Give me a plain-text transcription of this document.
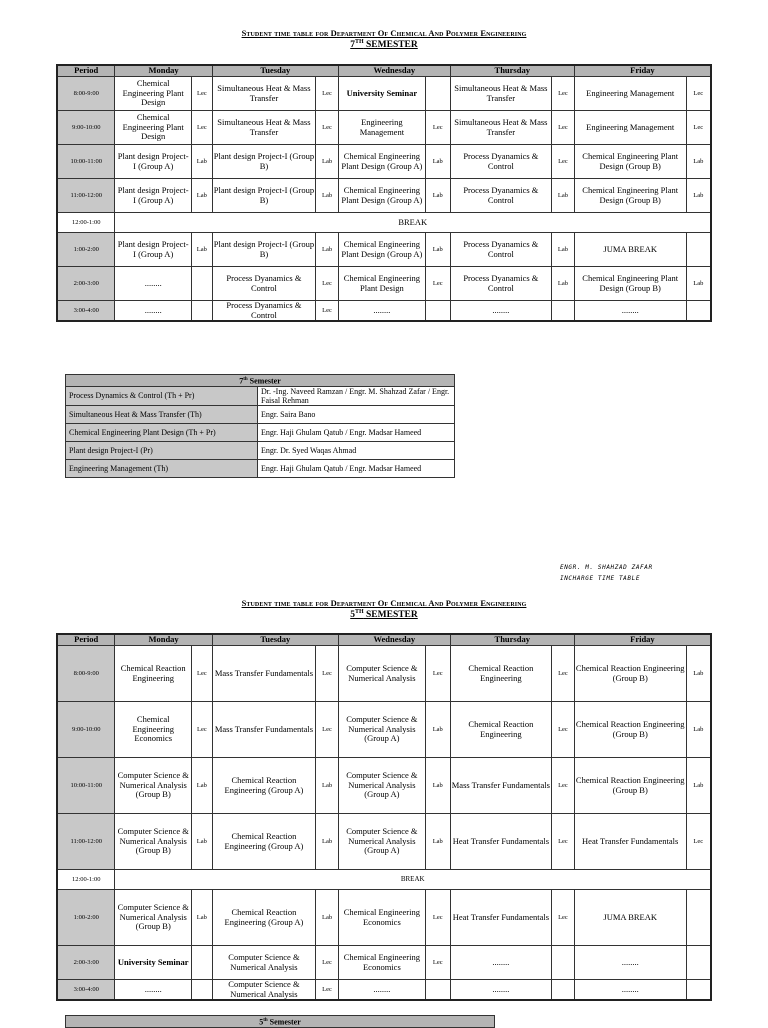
Student time table for Department Of Chemical And Polymer Engineering
7TH SEMESTER
Period	Monday		Tuesday		Wednesday		Thursday		Friday	
8:00-9:00	Chemical Engineering Plant Design	Lec	Simultaneous Heat & Mass Transfer	Lec	University Seminar		Simultaneous Heat & Mass Transfer	Lec	Engineering Management	Lec
9:00-10:00	Chemical Engineering Plant Design	Lec	Simultaneous Heat & Mass Transfer	Lec	Engineering Management	Lec	Simultaneous Heat & Mass Transfer	Lec	Engineering Management	Lec
10:00-11:00	Plant design Project-I (Group A)	Lab	Plant design Project-I (Group B)	Lab	Chemical Engineering Plant Design (Group A)	Lab	Process Dyanamics & Control	Lec	Chemical Engineering Plant Design (Group B)	Lab
11:00-12:00	Plant design Project-I (Group A)	Lab	Plant design Project-I (Group B)	Lab	Chemical Engineering Plant Design (Group A)	Lab	Process Dyanamics & Control	Lab	Chemical Engineering Plant Design (Group B)	Lab
12:00-1:00	BREAK									
1:00-2:00	Plant design Project-I (Group A)	Lab	Plant design Project-I (Group B)	Lab	Chemical Engineering Plant Design (Group A)	Lab	Process Dyanamics & Control	Lab	JUMA BREAK	
2:00-3:00	........		Process Dyanamics & Control	Lec	Chemical Engineering Plant Design	Lec	Process Dyanamics & Control	Lab	Chemical Engineering Plant Design (Group B)	Lab
3:00-4:00	........		Process Dyanamics & Control	Lec	........		........		........	
7th Semester	
Process Dynamics & Control (Th + Pr)	Dr. -Ing. Naveed Ramzan / Engr. M. Shahzad Zafar / Engr. Faisal Rehman
Simultaneous Heat & Mass Transfer (Th)	Engr. Saira Bano
Chemical Engineering Plant Design (Th + Pr)	Engr. Haji Ghulam Qatub / Engr. Madsar Hameed
Plant design Project-I (Pr)	Engr. Dr. Syed Waqas Ahmad
Engineering Management (Th)	Engr. Haji Ghulam Qatub / Engr. Madsar Hameed
ENGR. M. SHAHZAD ZAFAR
INCHARGE TIME TABLE
Student time table for Department Of Chemical And Polymer Engineering
5TH SEMESTER
Period	Monday		Tuesday		Wednesday		Thursday		Friday	
8:00-9:00	Chemical Reaction Engineering	Lec	Mass Transfer Fundamentals	Lec	Computer Science & Numerical Analysis	Lec	Chemical Reaction Engineering	Lec	Chemical Reaction Engineering (Group B)	Lab
9:00-10:00	Chemical Engineering Economics	Lec	Mass Transfer Fundamentals	Lec	Computer Science & Numerical Analysis (Group A)	Lab	Chemical Reaction Engineering	Lec	Chemical Reaction Engineering (Group B)	Lab
10:00-11:00	Computer Science & Numerical Analysis (Group B)	Lab	Chemical Reaction Engineering (Group A)	Lab	Computer Science & Numerical Analysis (Group A)	Lab	Mass Transfer Fundamentals	Lec	Chemical Reaction Engineering (Group B)	Lab
11:00-12:00	Computer Science & Numerical Analysis (Group B)	Lab	Chemical Reaction Engineering (Group A)	Lab	Computer Science & Numerical Analysis (Group A)	Lab	Heat Transfer Fundamentals	Lec	Heat Transfer Fundamentals	Lec
12:00-1:00	BREAK									
1:00-2:00	Computer Science & Numerical Analysis (Group B)	Lab	Chemical Reaction Engineering (Group A)	Lab	Chemical Engineering Economics	Lec	Heat Transfer Fundamentals	Lec	JUMA BREAK	
2:00-3:00	University Seminar		Computer Science & Numerical Analysis	Lec	Chemical Engineering Economics	Lec	........		........	
3:00-4:00	........		Computer Science & Numerical Analysis	Lec	........		........		........	
5th Semester
